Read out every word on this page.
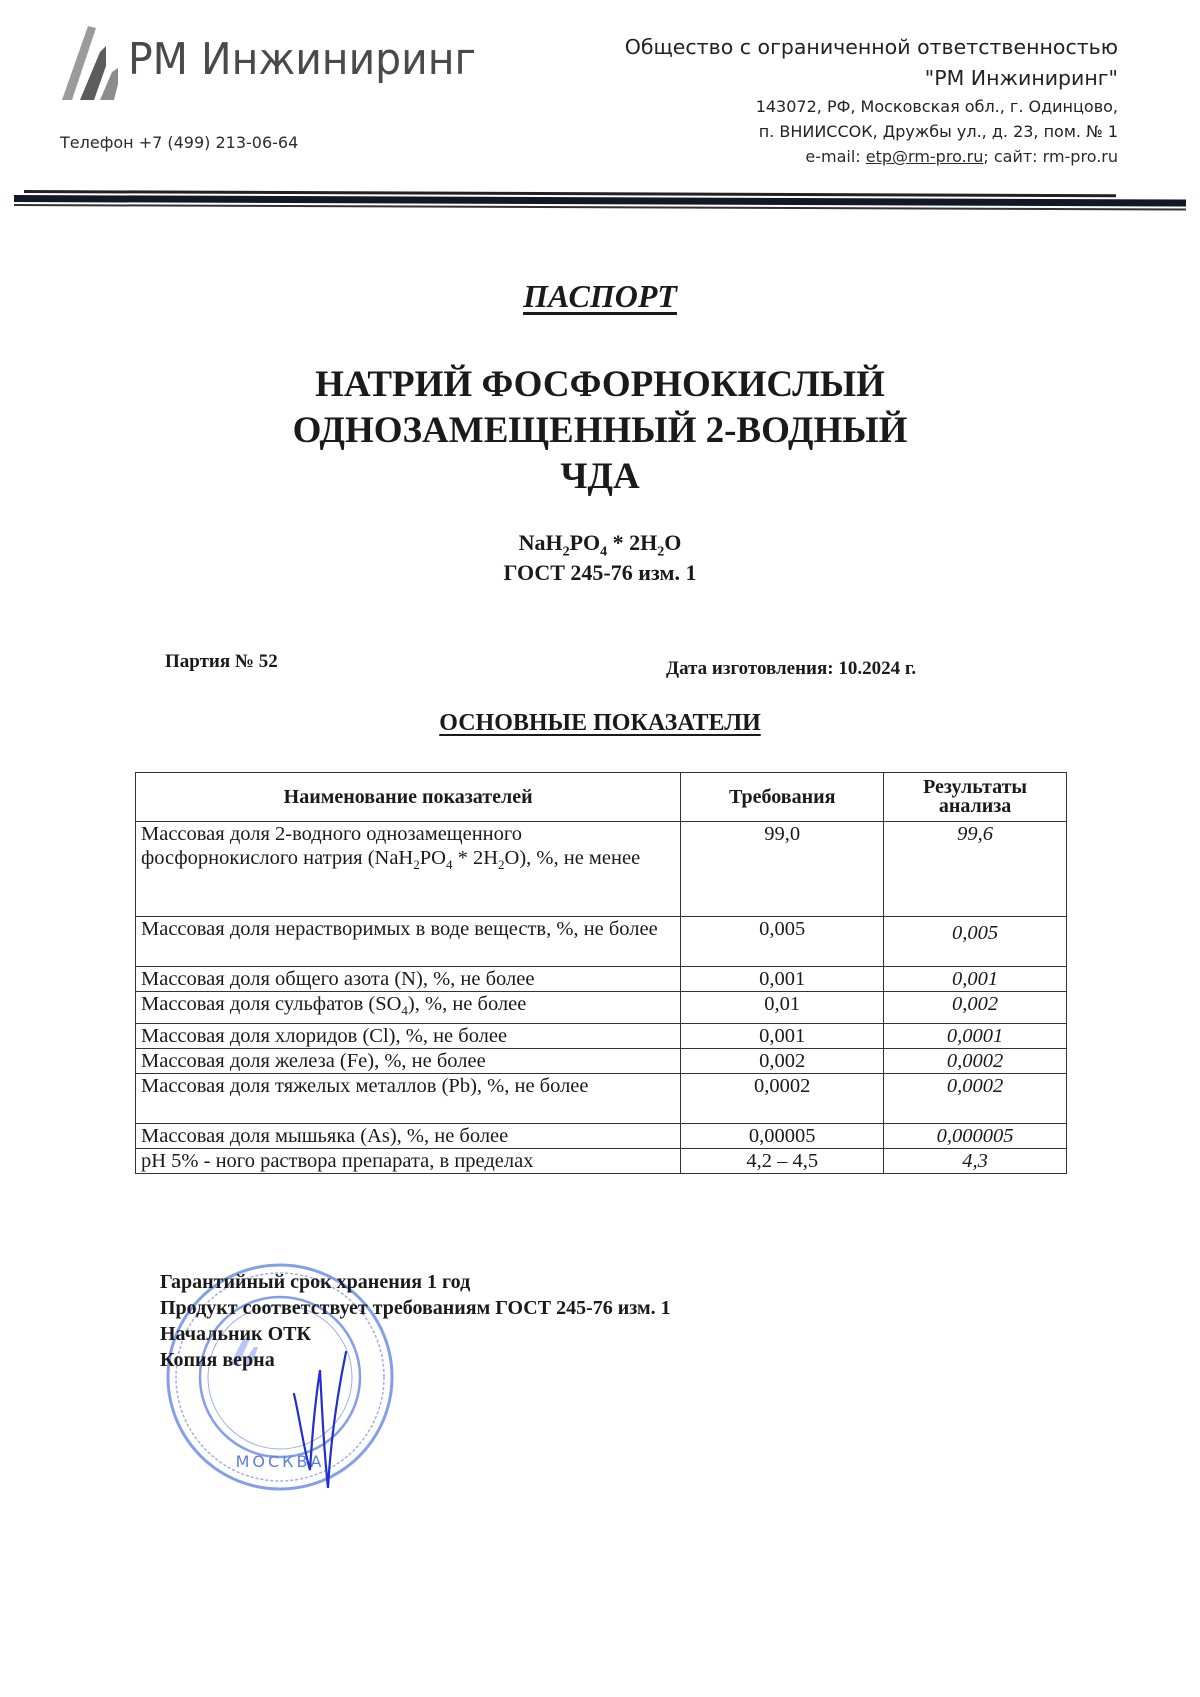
РМ Инжиниринг
Телефон +7 (499) 213-06-64
Общество с ограниченной ответственностью
"РМ Инжиниринг"
143072, РФ, Московская обл., г. Одинцово,
п. ВНИИССОК, Дружбы ул., д. 23, пом. № 1
e-mail: etp@rm-pro.ru; сайт: rm-pro.ru
ПАСПОРТ
НАТРИЙ ФОСФОРНОКИСЛЫЙ
ОДНОЗАМЕЩЕННЫЙ 2-ВОДНЫЙ
ЧДА
$NaH_2PO_4 * 2H_2O$
ГОСТ 245-76 изм. 1
Партия № 52	Дата изготовления: 10.2024 г.
ОСНОВНЫЕ ПОКАЗАТЕЛИ
Наименование показателей	Требования	Результаты
анализа
Массовая доля 2-водного однозамещенного фосфорнокислого натрия $(NaH_2PO_4 * 2H_2O)$, %, не менее	99,0	99,6
Массовая доля нерастворимых в воде веществ, %, не более	0,005	0,005
Массовая доля общего азота (N), %, не более	0,001	0,001
Массовая доля сульфатов $(SO_4)$, %, не более	0,01	0,002
Массовая доля хлоридов (Cl), %, не более	0,001	0,0001
Массовая доля железа (Fe), %, не более	0,002	0,0002
Массовая доля тяжелых металлов (Pb), %, не более	0,0002	0,0002
Массовая доля мышьяка (As), %, не более	0,00005	0,000005
pH 5% - ного раствора препарата, в пределах	4,2 – 4,5	4,3
Гарантийный срок хранения 1 год
Продукт соответствует требованиям ГОСТ 245-76 изм. 1
Начальник ОТК
Копия верна
МОСКВА
